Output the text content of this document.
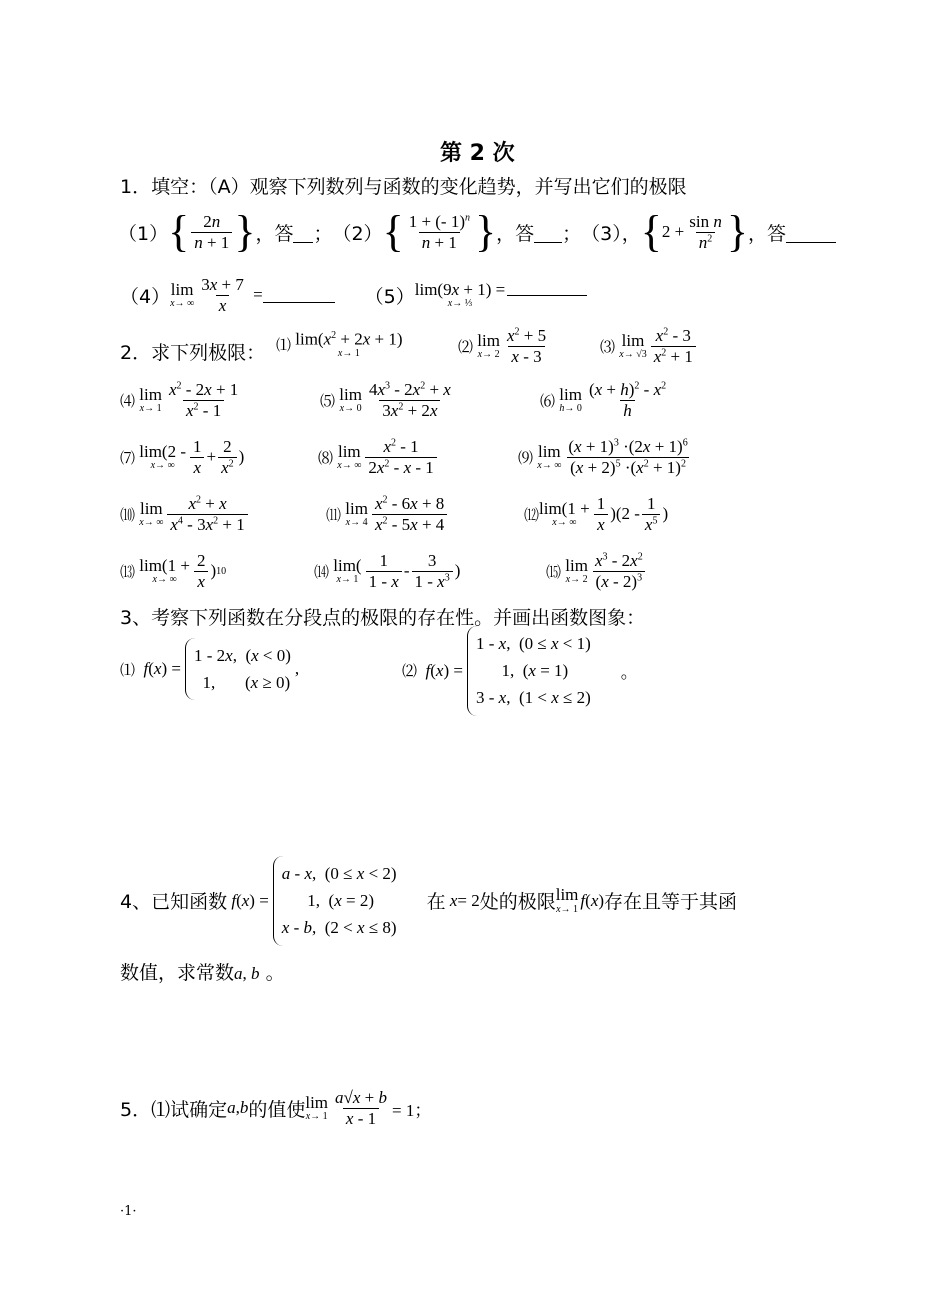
第 2 次
1．填空：（A）观察下列数列与函数的变化趋势，并写出它们的极限
（1） { $\frac{2n}{n + 1}$ } ，答 ； （2） { $\frac{1 + (- 1)^n}{n + 1}$ } ，答 ； （3）， { $2 + \frac{\text{sin n}}{n^2}$ } ，答
（4） lim
x→ ∞ $\frac{3x + 7}{x}$ =	（5） lim(9x + 1) =
x→ ⅓
2．求下列极限： ⑴
$\lim(x^2 + 2x + 1)$
x→ 1	⑵
lim
$x\to 2 \frac{x^2 + 5}{x - 3}$	⑶
lim
$x\to √3 \frac{x^2 - 3}{x^2 + 1}$
⑷
lim
$x\to 1 \frac{x^2 - 2x + 1}{x^2 - 1}$	⑸
lim
$x\to 0 \frac{4x^3 - 2x^2 + x}{3x^2 + 2x}$	⑹
lim
$h\to 0 \frac{(x + h)^2 - x^2}{h}$
⑺
lim(2 -
x→ ∞ $\frac{1}{x} + \frac{2}{x^2}$ )	⑻
lim
x→ ∞ $\frac{x^2 - 1}{2x^2 - x - 1}$	⑼
lim
x→ ∞ $\frac{(x + 1)^3 \cdot(2x + 1)^6}{(x + 2)^5 \cdot(x^2 + 1)^2}$
⑽
lim
x→ ∞ $\frac{x^2 + x}{x^4 - 3x^2 + 1}$	⑾
lim
$x\to 4 \frac{x^2 - 6x + 8}{x^2 - 5x + 4}$	⑿ lim(1 +
x→ ∞ $\frac{1}{x} )(2 - \frac{1}{x^5}$ )
⒀
lim(1 +
x→ ∞ $\frac{2}{x}$ ) 10	⒁
lim(
$x\to 1 \frac{1}{1 - x} - \frac{3}{1 - x^3}$ )	⒂
lim
$x\to 2 \frac{x^3 - 2x^2}{(x - 2)^3}$
3、考察下列函数在分段点的极限的存在性。并画出函数图象：
⑴
f ( x ) =
1 - 2x,  (x < 0)
1,       (x ≥ 0)
,	⑵
f ( x ) =
1 - x,  (0 ≤ x < 1)
1,  (x = 1)
3 - x,  (1 < x ≤ 2)
。
4、已知函数
f ( x ) =
a - x,  (0 ≤ x < 2)
1,  (x = 2)
x - b,  (2 < x ≤ 8)
在
x = 2 处的极限 lim
x→ 1 f ( x ) 存在且等于其函
数值，求常数a, b 。
5．⑴试确定 a , b 的值使 lim
$x\to 1 \frac{a√x + b}{x - 1} = 1$；
·1·
